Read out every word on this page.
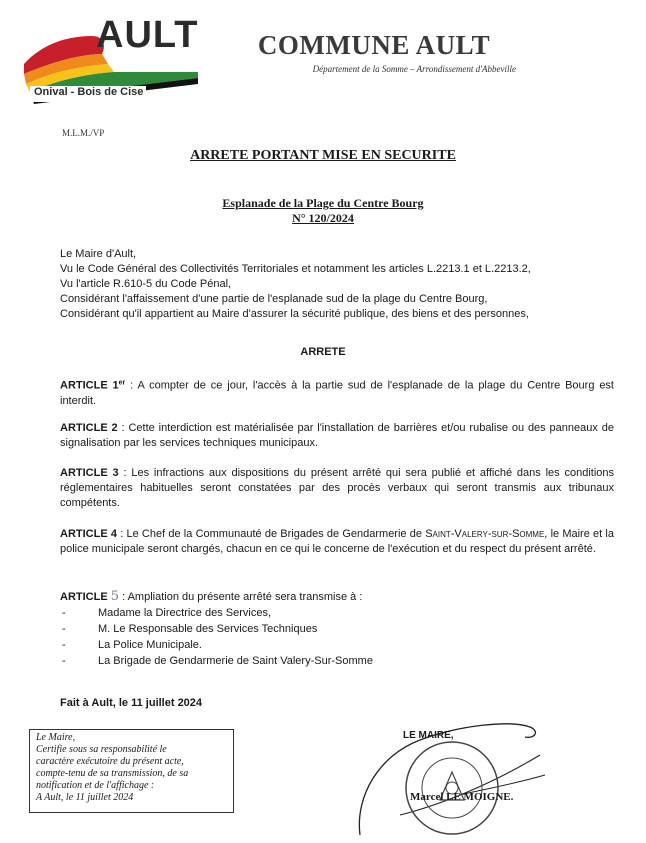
AULT
Onival - Bois de Cise
COMMUNE AULT
Département de la Somme – Arrondissement d'Abbeville
M.L.M./VP
ARRETE PORTANT MISE EN SECURITE
Esplanade de la Plage du Centre Bourg
N° 120/2024
Le Maire d'Ault,
Vu le Code Général des Collectivités Territoriales et notamment les articles L.2213.1 et L.2213.2,
Vu l'article R.610-5 du Code Pénal,
Considérant l'affaissement d'une partie de l'esplanade sud de la plage du Centre Bourg,
Considérant qu'il appartient au Maire d'assurer la sécurité publique, des biens et des personnes,
ARRETE
ARTICLE 1er : A compter de ce jour, l'accès à la partie sud de l'esplanade de la plage du Centre Bourg est interdit.
ARTICLE 2 : Cette interdiction est matérialisée par l'installation de barrières et/ou rubalise ou des panneaux de signalisation par les services techniques municipaux.
ARTICLE 3 : Les infractions aux dispositions du présent arrêté qui sera publié et affiché dans les conditions réglementaires habituelles seront constatées par des procès verbaux qui seront transmis aux tribunaux compétents.
ARTICLE 4 : Le Chef de la Communauté de Brigades de Gendarmerie de Saint-Valery-sur-Somme, le Maire et la police municipale seront chargés, chacun en ce qui le concerne de l'exécution et du respect du présent arrêté.
ARTICLE 5 : Ampliation du présente arrêté sera transmise à :
-	Madame la Directrice des Services,
-	M. Le Responsable des Services Techniques
-	La Police Municipale.
-	La Brigade de Gendarmerie de Saint Valery-Sur-Somme
Fait à Ault, le 11 juillet 2024
Le Maire,
Certifie sous sa responsabilité le
caractère exécutoire du présent acte,
compte-tenu de sa transmission, de sa
notification et de l'affichage :
A Ault, le 11 juillet 2024
LE MAIRE,
Marcel LE MOIGNE.
